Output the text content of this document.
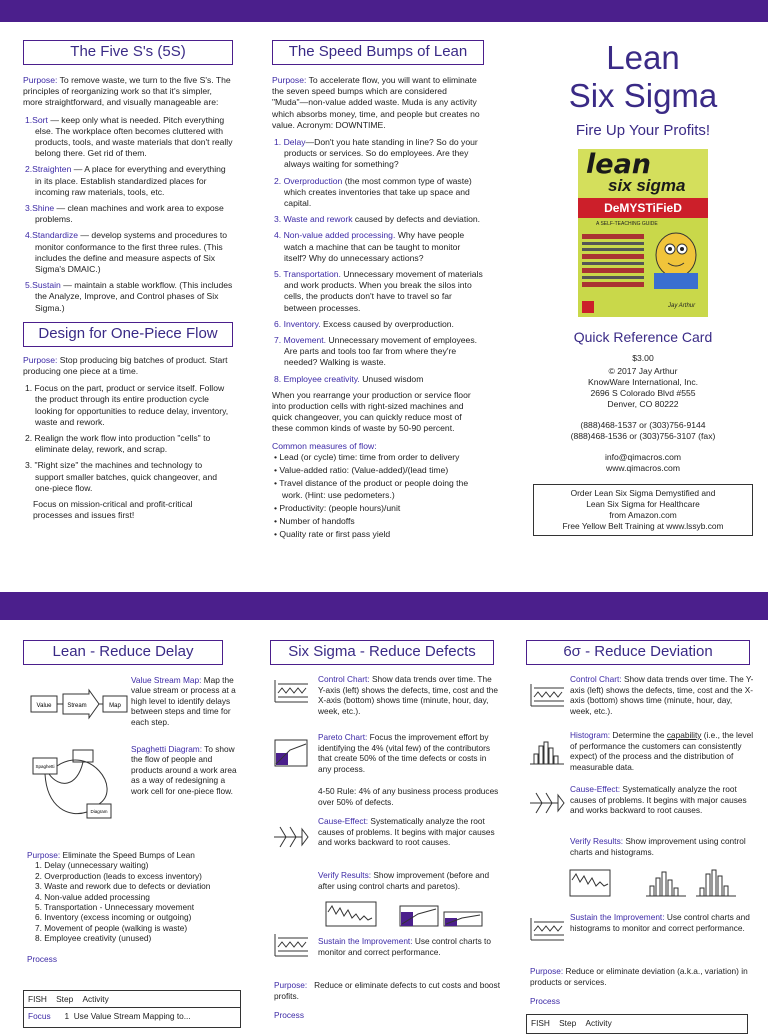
The Five S's (5S)

Purpose: To remove waste, we turn to the five S's. The principles of reorganizing work so that it's simpler, more straightforward, and visually manageable are:

1.Sort — keep only what is needed. Pitch everything else. The workplace often becomes cluttered with products, tools, and waste materials that don't really belong there. Get rid of them.
2.Straighten — A place for everything and everything in its place. Establish standardized places for incoming raw materials, tools, etc.
3.Shine — clean machines and work area to expose problems.
4.Standardize — develop systems and procedures to monitor conformance to the first three rules. (This includes the define and measure aspects of Six Sigma's DMAIC.)
5.Sustain — maintain a stable workflow. (This includes the Analyze, Improve, and Control phases of Six Sigma.)
Design for One-Piece Flow

Purpose: Stop producing big batches of product. Start producing one piece at a time.

1. Focus on the part, product or service itself. Follow the product through its entire production cycle looking for opportunities to reduce delay, inventory, waste and rework.
2. Realign the work flow into production "cells" to eliminate delay, rework, and scrap.
3. "Right size" the machines and technology to support smaller batches, quick changeover, and one-piece flow.
Focus on mission-critical and profit-critical processes and issues first!
The Speed Bumps of Lean

Purpose: To accelerate flow, you will want to eliminate the seven speed bumps which are considered "Muda"—non-value added waste. Muda is any activity which absorbs money, time, and people but creates no value. Acronym: DOWNTIME.

1. Delay—Don't you hate standing in line? So do your products or services. So do employees. Are they always waiting for something?
2. Overproduction (the most common type of waste) which creates inventories that take up space and capital.
3. Waste and rework caused by defects and deviation.
4. Non-value added processing. Why have people watch a machine that can be taught to monitor itself? Why do unnecessary actions?
5. Transportation. Unnecessary movement of materials and work products. When you break the silos into cells, the products don't have to travel so far between processes.
6. Inventory. Excess caused by overproduction.
7. Movement. Unnecessary movement of employees. Are parts and tools too far from where they're needed? Walking is waste.
8. Employee creativity. Unused wisdom

When you rearrange your production or service floor into production cells with right-sized machines and quick changeover, you can quickly reduce most of these common kinds of waste by 50-90 percent.

Common measures of flow:
• Lead (or cycle) time: time from order to delivery
• Value-added ratio: (Value-added)/(lead time)
• Travel distance of the product or people doing the work. (Hint: use pedometers.)
• Productivity: (people hours)/unit
• Number of handoffs
• Quality rate or first pass yield
Lean
Six Sigma
Fire Up Your Profits!
lean
six sigma
DeMYSTiFieD
A SELF-TEACHING GUIDE
Jay Arthur
Quick Reference Card
$3.00
© 2017 Jay Arthur
KnowWare International, Inc.
2696 S Colorado Blvd #555
Denver, CO 80222
(888)468-1537 or (303)756-9144
(888)468-1536 or (303)756-3107 (fax)
info@qimacros.com
www.qimacros.com
Order Lean Six Sigma Demystified and
Lean Six Sigma for Healthcare
from Amazon.com
Free Yellow Belt Training at www.lssyb.com
Lean - Reduce Delay
Value	Stream	Map
Value Stream Map: Map the value stream or process at a high level to identify delays between steps and time for each step.
Spaghetti
Diagram
Spaghetti Diagram: To show the flow of people and products around a work area as a way of redesigning a work cell for one-piece flow.
Purpose: Eliminate the Speed Bumps of Lean
1. Delay (unnecessary waiting)
2. Overproduction (leads to excess inventory)
3. Waste and rework due to defects or deviation
4. Non-value added processing
5. Transportation - Unnecessary movement
6. Inventory (excess incoming or outgoing)
7. Movement of people (walking is waste)
8. Employee creativity (unused)
Process
FISH Step Activity
Focus 1 Use Value Stream Mapping to...
Six Sigma - Reduce Defects
Control Chart: Show data trends over time. The Y-axis (left) shows the defects, time, cost and the X-axis (bottom) shows time (minute, hour, day, week, etc.).
Pareto Chart: Focus the improvement effort by identifying the 4% (vital few) of the contributors that create 50% of the time defects or costs in any process.
4-50 Rule: 4% of any business process produces over 50% of defects.
Cause-Effect: Systematically analyze the root causes of problems. It begins with major causes and works backward to root causes.
Verify Results: Show improvement (before and after using control charts and paretos).
Sustain the Improvement: Use control charts to monitor and correct performance.
Purpose: Reduce or eliminate defects to cut costs and boost profits.
Process
6σ - Reduce Deviation
Control Chart: Show data trends over time. The Y-axis (left) shows the defects, time, cost and the X-axis (bottom) shows time (minute, hour, day, week, etc.).
Histogram: Determine the capability (i.e., the level of performance the customers can consistently expect) of the process and the distribution of measurable data.
Cause-Effect: Systematically analyze the root causes of problems. It begins with major causes and works backward to root causes.
Verify Results: Show improvement using control charts and histograms.
Sustain the Improvement: Use control charts and histograms to monitor and correct performance.
Purpose: Reduce or eliminate deviation (a.k.a., variation) in products or services.
Process
FISH Step Activity
